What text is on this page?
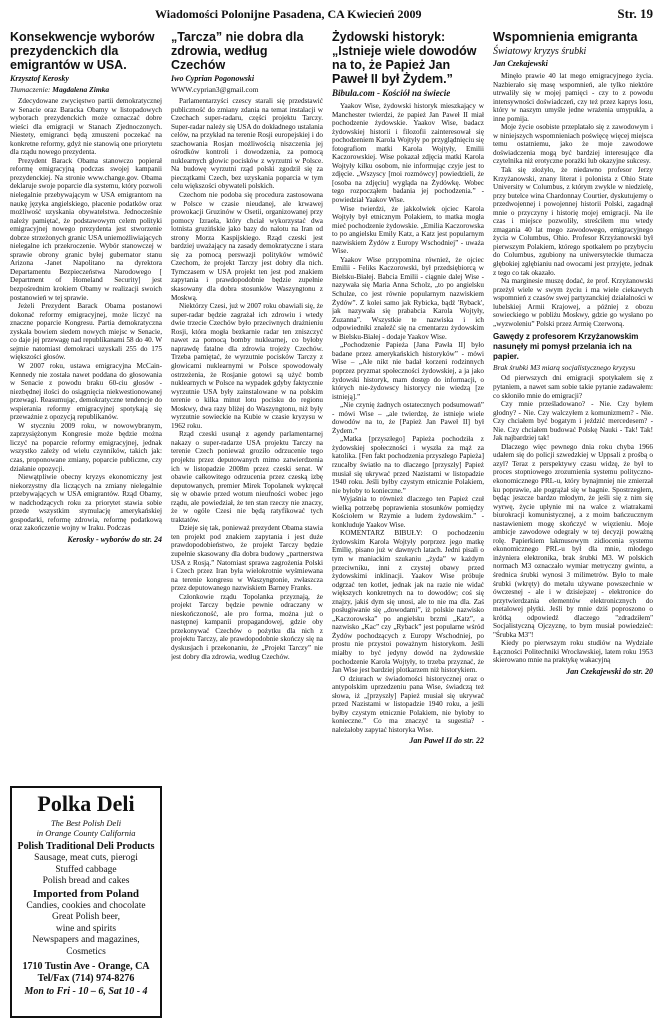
Wiadomości Polonijne Pasadena, CA Kwiecień 2009	Str. 19
Konsekwencje wyborów prezydenckich dla emigrantów w USA.
Krzysztof Kerosky
Tłumaczenie: Magdalena Zimka

Zdecydowane zwycięstwo partii demokratycznej w Senacie oraz Baracka Obamy w listopadowych wyborach prezydenckich może oznaczać dobre wieści dla emigracji w Stanach Zjednoczonych. Niestety, emigranci będą zmuszeni poczekać na konkretne reformy, gdyż nie stanowią one priorytetu dla rządu nowego prezydenta.

Prezydent Barack Obama stanowczo popierał reformę emigracyjną podczas swojej kampanii prezydenckiej. Na stronie www.change.gov. Obama deklaruje swoje poparcie dla systemu, który pozwoli nielegalnie przebywającym w USA emigrantom na naukę języka angielskiego, płacenie podatków oraz możliwość uzyskania obywatelstwa. Jednocześnie należy pamiętać, że podstawowym celem polityki emigracyjnej nowego prezydenta jest stworzenie dobrze strzeżonych granic USA uniemożliwiających nielegalne ich przekroczenie. Wybór stanowczej w sprawie obrony granic byłej gubernator stanu Arizona -Janet Napolitano na dyrektora Departamentu Bezpieczeństwa Narodowego [ Department of Homeland Security] jest bezpośrednim krokiem Obamy w realizacji swoich postanowień w tej sprawie.

Jeżeli Prezydent Barack Obama postanowi dokonać reformy emigracyjnej, może liczyć na znaczne poparcie Kongresu. Partia demokratyczna zyskała bowiem siedem nowych miejsc w Senacie, co daje jej przewagę nad republikanami 58 do 40. W sejmie natomiast demokraci uzyskali 255 do 175 większości głosów.

W 2007 roku, ustawa emigracyjna McCain-Kennedy nie została nawet poddana do głosowania w Senacie z powodu braku 60-ciu głosów - niezbędnej ilości do osiągnięcia niekwestionowanej przewagi. Reasumując, demokratyczne tendencje do wspierania reformy emigracyjnej spotykają się przeważnie z opozycją republikanów.

W styczniu 2009 roku, w nowowybranym, zaprzysiężonym Kongresie może będzie można liczyć na poparcie reformy emigracyjnej, jednak wszystko zależy od wielu czynników, takich jak: czas, proponowane zmiany, poparcie publiczne, czy działanie opozycji.

Niewątpliwie obecny kryzys ekonomiczny jest niekorzystny dla liczących na zmiany nielegalnie przebywających w USA emigrantów. Rząd Obamy, w nadchodzących roku za priorytet stawia sobie przede wszystkim stymulację amerykańskiej gospodarki, reformę zdrowia, reformę podatkową oraz zakończenie wojny w Iraku. Podczas

Kerosky - wyborów do str. 24
Polka Deli
The Best Polish Deli
in Orange County California
Polish Traditional Deli Products
Sausage, meat cuts, pierogi
Stuffed cabbage
Polish bread and cakes
Imported from Poland
Candies, cookies and chocolate
Great Polish beer,
wine and spirits
Newspapers and magazines,
Cosmetics
1710 Tustin Ave - Orange, CA
Tel/Fax (714) 974-8276
Mon to Fri - 10 – 6, Sat 10 - 4
„Tarcza” nie dobra dla zdrowia, według Czechów
Iwo Cyprian Pogonowski
WWW.cyprian3@gmail.com

Parlamentarzyści czescy starali się przedstawić publiczność do zmiany zdania na temat instalacji w Czechach super-radaru, części projektu Tarczy. Super-radar należy się USA do dokładnego ustalania celów, na przykład na terenie Rosji europejskiej i do szachowania Rosjan możliwością niszczenia jej ośrodków kontroli i dowodzenia, za pomocą nuklearnych głowic pocisków z wyrzutni w Polsce. Na budowę wyrzutni rząd polski zgodził się za pieczątkami Czech, bez uzyskania poparcia w tym celu większości obywateli polskich.

Czechom nie podoba się procedura zastosowana w Polsce w czasie nieudanej, ale krwawej prowokacji Gruzinów w Osetii, organizowanej przy pomocy Izraela, który chciał wykorzystać dwa lotnista gruzińskie jako bazy do nalotu na Iran od strony Morza Kaspijskiego. Rząd czeski jest bardziej uważający na zasady demokratyczne i stara się za pomocą perswazji polityków wmówić Czechom, że projekt Tarczy jest dobry dla nich. Tymczasem w USA projekt ten jest pod znakiem zapytania i prawdopodobnie będzie zupełnie skasowany dla dobra stosunków Waszyngtonu z Moskwą.

Niektórzy Czesi, już w 2007 roku obawiali się, że super-radar będzie zagrażał ich zdrowiu i wtedy dwie trzecie Czechów było przeciwnych drażnieniu Rosji, która mogła bezkarnie radar ten zniszczyć nawet za pomocą bomby nuklearnej, co byłoby naprawdę fatalne dla zdrowia trojeży Czechów. Trzeba pamiętać, że wyrzutnie pocisków Tarczy z głowicami nuklearnymi w Polsce spowodowały ostrzeżenia, że Rosjanie gotowi są użyć bomb nuklearnych w Polsce na wypadek gdyby faktycznie wyrzutnie USA były zainstalowane w na polskim terenie o kilka minut lotu pocisku do regionu Moskwy, dwa razy bliżej do Waszyngtonu, niż były wyrzutnie sowieckie na Kubie w czasie kryzysu w 1962 roku.

Rząd czeski usunął z agendy parlamentarnej nakazy o super-radarze USA projektu Tarczy na terenie Czech ponieważ groziło odrzucenie tego projektu przez deputowanych mimo zatwierdzenia ich w listopadzie 2008m przez czeski senat. W obawie całkowitego odrzucenia przez czeską izbę deputowanych, premier Mirek Topolanek wykręcał się w obawie przed wotum nieufności wobec jego rządu, ale powiedział, że ten stan rzeczy nie znaczy, że w ogóle Czesi nie będą ratyfikować tych traktatów.

Dzieje się tak, ponieważ prezydent Obama stawia ten projekt pod znakiem zapytania i jest duże prawdopodobieństwo, że projekt Tarczy będzie zupełnie skasowany dla dobra budowy „partnerstwa USA z Rosją.” Natomiast sprawa zagrożenia Polski i Czech przez Iran była wielokrotnie wyśmiewana na terenie kongresu w Waszyngtonie, zwłaszcza przez deputowanego nazwiskiem Barney Franks.

Członkowie rządu Topolanka przyznają, że projekt Tarczy będzie pewnie odraczany w nieskończoność, ale pro forma, można już o następnej kampanii propagandowej, gdzie oby przekonywać Czechów o pożytku dla nich z projektu Tarczy, ale prawdopodobnie skończy się na dyskusjach i przekonaniu, że „Projekt Tarczy” nie jest dobry dla zdrowia, według Czechów.

Żydowski historyk: „Istnieje wiele dowodów na to, że Papież Jan Paweł II był Żydem.”
Bibula.com - Kościół na świecie

Yaakov Wise, żydowski historyk mieszkający w Manchester twierdzi, że papież Jan Paweł II miał pochodzenie żydowskie. Yaakov Wise, badacz żydowskiej historii i filozofii zainteresował się pochodzeniem Karola Wojtyły po przyglądnięciu się fotografiom matki Karola Wojtyły, Emilii Kaczorowskiej. Wise pokazał zdjęcia matki Karola Wojtyły kilku osobom, nie informując czyje jest to zdjęcie. „Wszyscy [moi rozmówcy] powiedzieli, że [osoba na zdjęciu] wygląda na Żydówkę. Wobec tego rozpocząłem badania jej pochodzenia.” - powiedział Yaakov Wise.

Wise twierdzi, że jakkolwiek ojciec Karola Wojtyły był etnicznym Polakiem, to matka mogła mieć pochodzenie żydowskie. „Emilia Kaczorowska to po angielsku Emily Katz, a Katz jest popularnym nazwiskiem Żydów z Europy Wschodniej” - uważa Wise.

Yaakov Wise przypomina również, że ojciec Emilii - Feliks Kaczorowski, był przedsiębiorcą w Bielsku-Białej. Babcia Emilii - ciągnie dalej Wise - nazywała się Maria Anna Scholz, „to po angielsku Schulze, co jest równie popularnym nazwiskiem Żydów”. Z kolei samo jak Rybicka, bądź 'Ryback', jak nazywała się prababcia Karola Wojtyły, Zuzanna”. Wszystkie te nazwiska i ich odpowiedniki znaleźć się na cmentarzu żydowskim w Bielsku-Białej - dodaje Yaakov Wise.

„Pochodzenie Papieża [Jana Pawła II] było badane przez amerykańskich historyków” - mówi Wise – „Ale nikt nie badał korzeni rodzinnych poprzez pryzmat społeczności żydowskiej, a ja jako żydowski historyk, mam dostęp do informacji, o których nie-żydowscy historycy nie wiedzą [ze istnieją].”

„Nie czynię żadnych ostatecznych podsumowań” - mówi Wise – „ale twierdzę, że istnieje wiele dowodów na to, że [Papież Jan Paweł II] był Żydem.”

„Matka [przyszłego] Papieża pochodziła z żydowskiej społeczności i wyszła za mąż za katolika. [Fen fakt pochodzenia przyszłego Papieża] rzucałby światło na to dlaczego [przyszły] Papież musiał się ukrywać przed Nazistami w listopadzie 1940 roku. Jeśli byłby czystym etnicznie Polakiem, nie byłoby to konieczne.”

Wyjaśnia to również dlaczego ten Papież czuł wielką potrzebę poprawienia stosunków pomiędzy Kościołem w Rzymie a ludem żydowskim.” - konkluduje Yaakov Wise.

KOMENTARZ BIBUŁY: O pochodzeniu żydowskim Karola Wojtyły porprzez jego matkę Emilię, pisano już w dawnych latach. Jedni pisali o tym w maniackim szukaniu „żyda” w każdym przeciwniku, inni z czystej obawy przed żydowskimi inklinacji. Yaakov Wise próbuje odgrzać ten kotlet, jednak jak na razie nie widać większych konkretnych na to dowodów; coś się znajzy, jakiś dym się unosi, ale to nie ma dla. Zaś posługiwanie się „dowodami”, iż polskie nazwisko „Kaczorowska” po angielsku brzmi „Katz”, a nazwisko „Kac” czy „Ryback” jest popularne wśród Żydów pochodzących z Europy Wschodniej, po prostu nie przystoi poważnym historykom. Jeśli miałby to być jedyny dowód na żydowskie pochodzenie Karola Wojtyły, to trzeba przyznać, że Jan Wise jest bardziej plotkarzem niż historykiem.

O dziurach w świadomości historycznej oraz o antypolskim uprzedzeniu pana Wise, świadczą też słowa, iż „[przyszły] Papież musiał się ukrywać przed Nazistami w listopadzie 1940 roku, a jeśli byłby czystym etnicznie Polakiem, nie byłoby to konieczne.” Co ma znaczyć ta sugestia? - należałoby zapytać historyka Wise.

Jan Paweł II do str. 22
Wspomnienia emigranta
Światowy kryzys śrubki
Jan Czekajewski

Minęło prawie 40 lat mego emigracyjnego życia. Nazbierało się masę wspomnień, ale tylko niektóre utrwaliły się w mojej pamięci - czy to z powodu intensywności doświadczeń, czy też przez kaprys losu, który w naszym umyśle jedne wrażenia umypukla, a inne pomija.

Moje życie osobiste przeplatało się z zawodowym i w niniejszych wspomnieniach poświęcę więcej miejsca temu ostatniemu, jako że moje zawodowe doświadczenia mogą być bardziej interesujące dla czytelnika niż erotyczne porażki lub okazyjne sukcesy.

Tak się złożyło, że niedawno profesor Jerzy Krzyżanowski, znany literat i polonista z Ohio State University w Columbus, z którym zwykle w niedzielę, przy butelce wina Chardonnay Courtier, dyskutujemy o przedwojennej i powojennej historii Polski, zagadnął mnie o przyczyny i historię mojej emigracji. Na ile czas i miejsce pozwoliły, streściłem mu wtedy zmagania 40 lat mego zawodowego, emigracyjnego życia w Columbus, Ohio. Profesor Krzyżanowski był pierwszym Polakiem, którego spotkałem po przybyciu do Columbus, zgubiony na uniwersyteckie tłumacza głębokiej zgłębianiu nad owocami jest przyjęte, jednak z tego co tak okazało.

Na marginesie muszę dodać, że prof. Krzyżanowski przeżył wiele w swym życiu i ma wiele ciekawych wspomnień z czasów swej partyzanckiej działalności w lubelskiej Armii Krajowej, a później z obozu sowieckiego w pobliżu Moskwy, gdzie go wysłano po „wyzwoleniu” Polski przez Armię Czerwoną.

Gawędy z profesorem Krzyżanowskim nasunęły mi pomysł przelania ich na papier.
Brak śrubki M3 miarą socjalistycznego kryzysu

Od pierwszych dni emigracji spotykałem się z pytaniem, a nawet sam sobie takie pytanie zadawałem: co skłoniło mnie do emigracji?

Czy mnie prześladowano? - Nie. Czy byłem głodny? - Nie. Czy walczyłem z komunizmem? - Nie. Czy chciałem być bogatym i jeździć mercedesem? - Nie. Czy chciałem budować Polskę Nauki - Tak! Tak! Jak najbardziej tak!

Dlaczego więc pewnego dnia roku chyba 1966 udałem się do policji szwedzkiej w Uppsali z prośbą o azyl? Teraz z perspektywy czasu widzę, że był to proces stopniowego zrozumienia systemu polityczno-ekonomicznego PRL-u, który bynajmniej nie zmierzał ku poprawie, ale pogrążał się w bagnie. Spostrzegłem, będąc jeszcze bardzo młodym, że jeśli się z nim się wyrwę, życie upłynie mi na walce z wiatrakami biurokracji komunistycznej, a z moim bańczucznym nastawieniem mogę skończyć w więzieniu. Moje ambicje zawodowe odegrały w tej decyzji poważną rolę. Papierkiem lakmusowym zidiocenia systemu ekonomicznego PRL-u był dla mnie, młodego inżyniera elektronika, brak śrubki M3. W polskich normach M3 oznaczało wymiar metryczny gwintu, a średnica śrubki wynosi 3 milimetrów. Było to małe śrubki (wkręty) do metalu używane powszechnie w ówczesnej - ale i w dzisiejszej - elektronice do przytwierdzania elementów elektronicznych do metalowej płytki. Jeśli by mnie dziś poproszono o krótką odpowiedź dlaczego "zdradziłem" Socjalistyczną Ojczyznę, to bym musiał powiedzieć: "Śrubka M3"!

Kiedy po pierwszym roku studiów na Wydziale Łączności Politechniki Wrocławskiej, latem roku 1953 skierowano mnie na praktykę wakacyjną

Jan Czekajewski do str. 20
